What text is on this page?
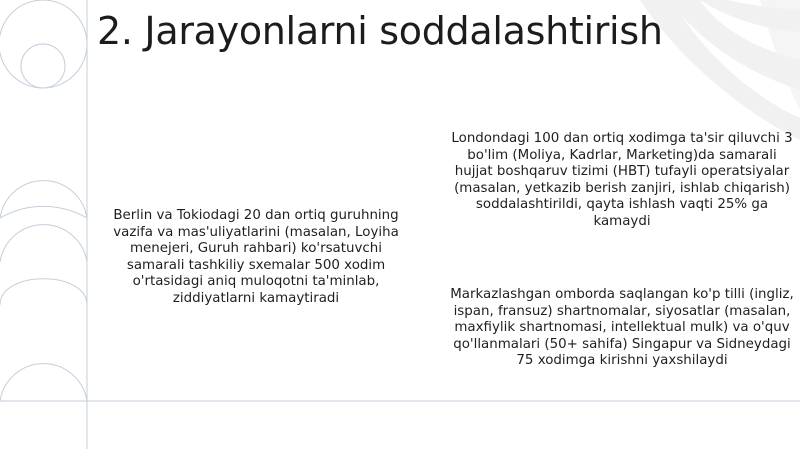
2. Jarayonlarni soddalashtirish
Berlin va Tokiodagi 20 dan ortiq guruhning vazifa va mas'uliyatlarini (masalan, Loyiha menejeri, Guruh rahbari) ko'rsatuvchi samarali tashkiliy sxemalar 500 xodim o'rtasidagi aniq muloqotni ta'minlab, ziddiyatlarni kamaytiradi
Londondagi 100 dan ortiq xodimga ta'sir qiluvchi 3 bo'lim (Moliya, Kadrlar, Marketing)da samarali hujjat boshqaruv tizimi (HBT) tufayli operatsiyalar (masalan, yetkazib berish zanjiri, ishlab chiqarish) soddalashtirildi, qayta ishlash vaqti 25% ga kamaydi
Markazlashgan omborda saqlangan ko'p tilli (ingliz, ispan, fransuz) shartnomalar, siyosatlar (masalan, maxfiylik shartnomasi, intellektual mulk) va o'quv qo'llanmalari (50+ sahifa) Singapur va Sidneydagi 75 xodimga kirishni yaxshilaydi
